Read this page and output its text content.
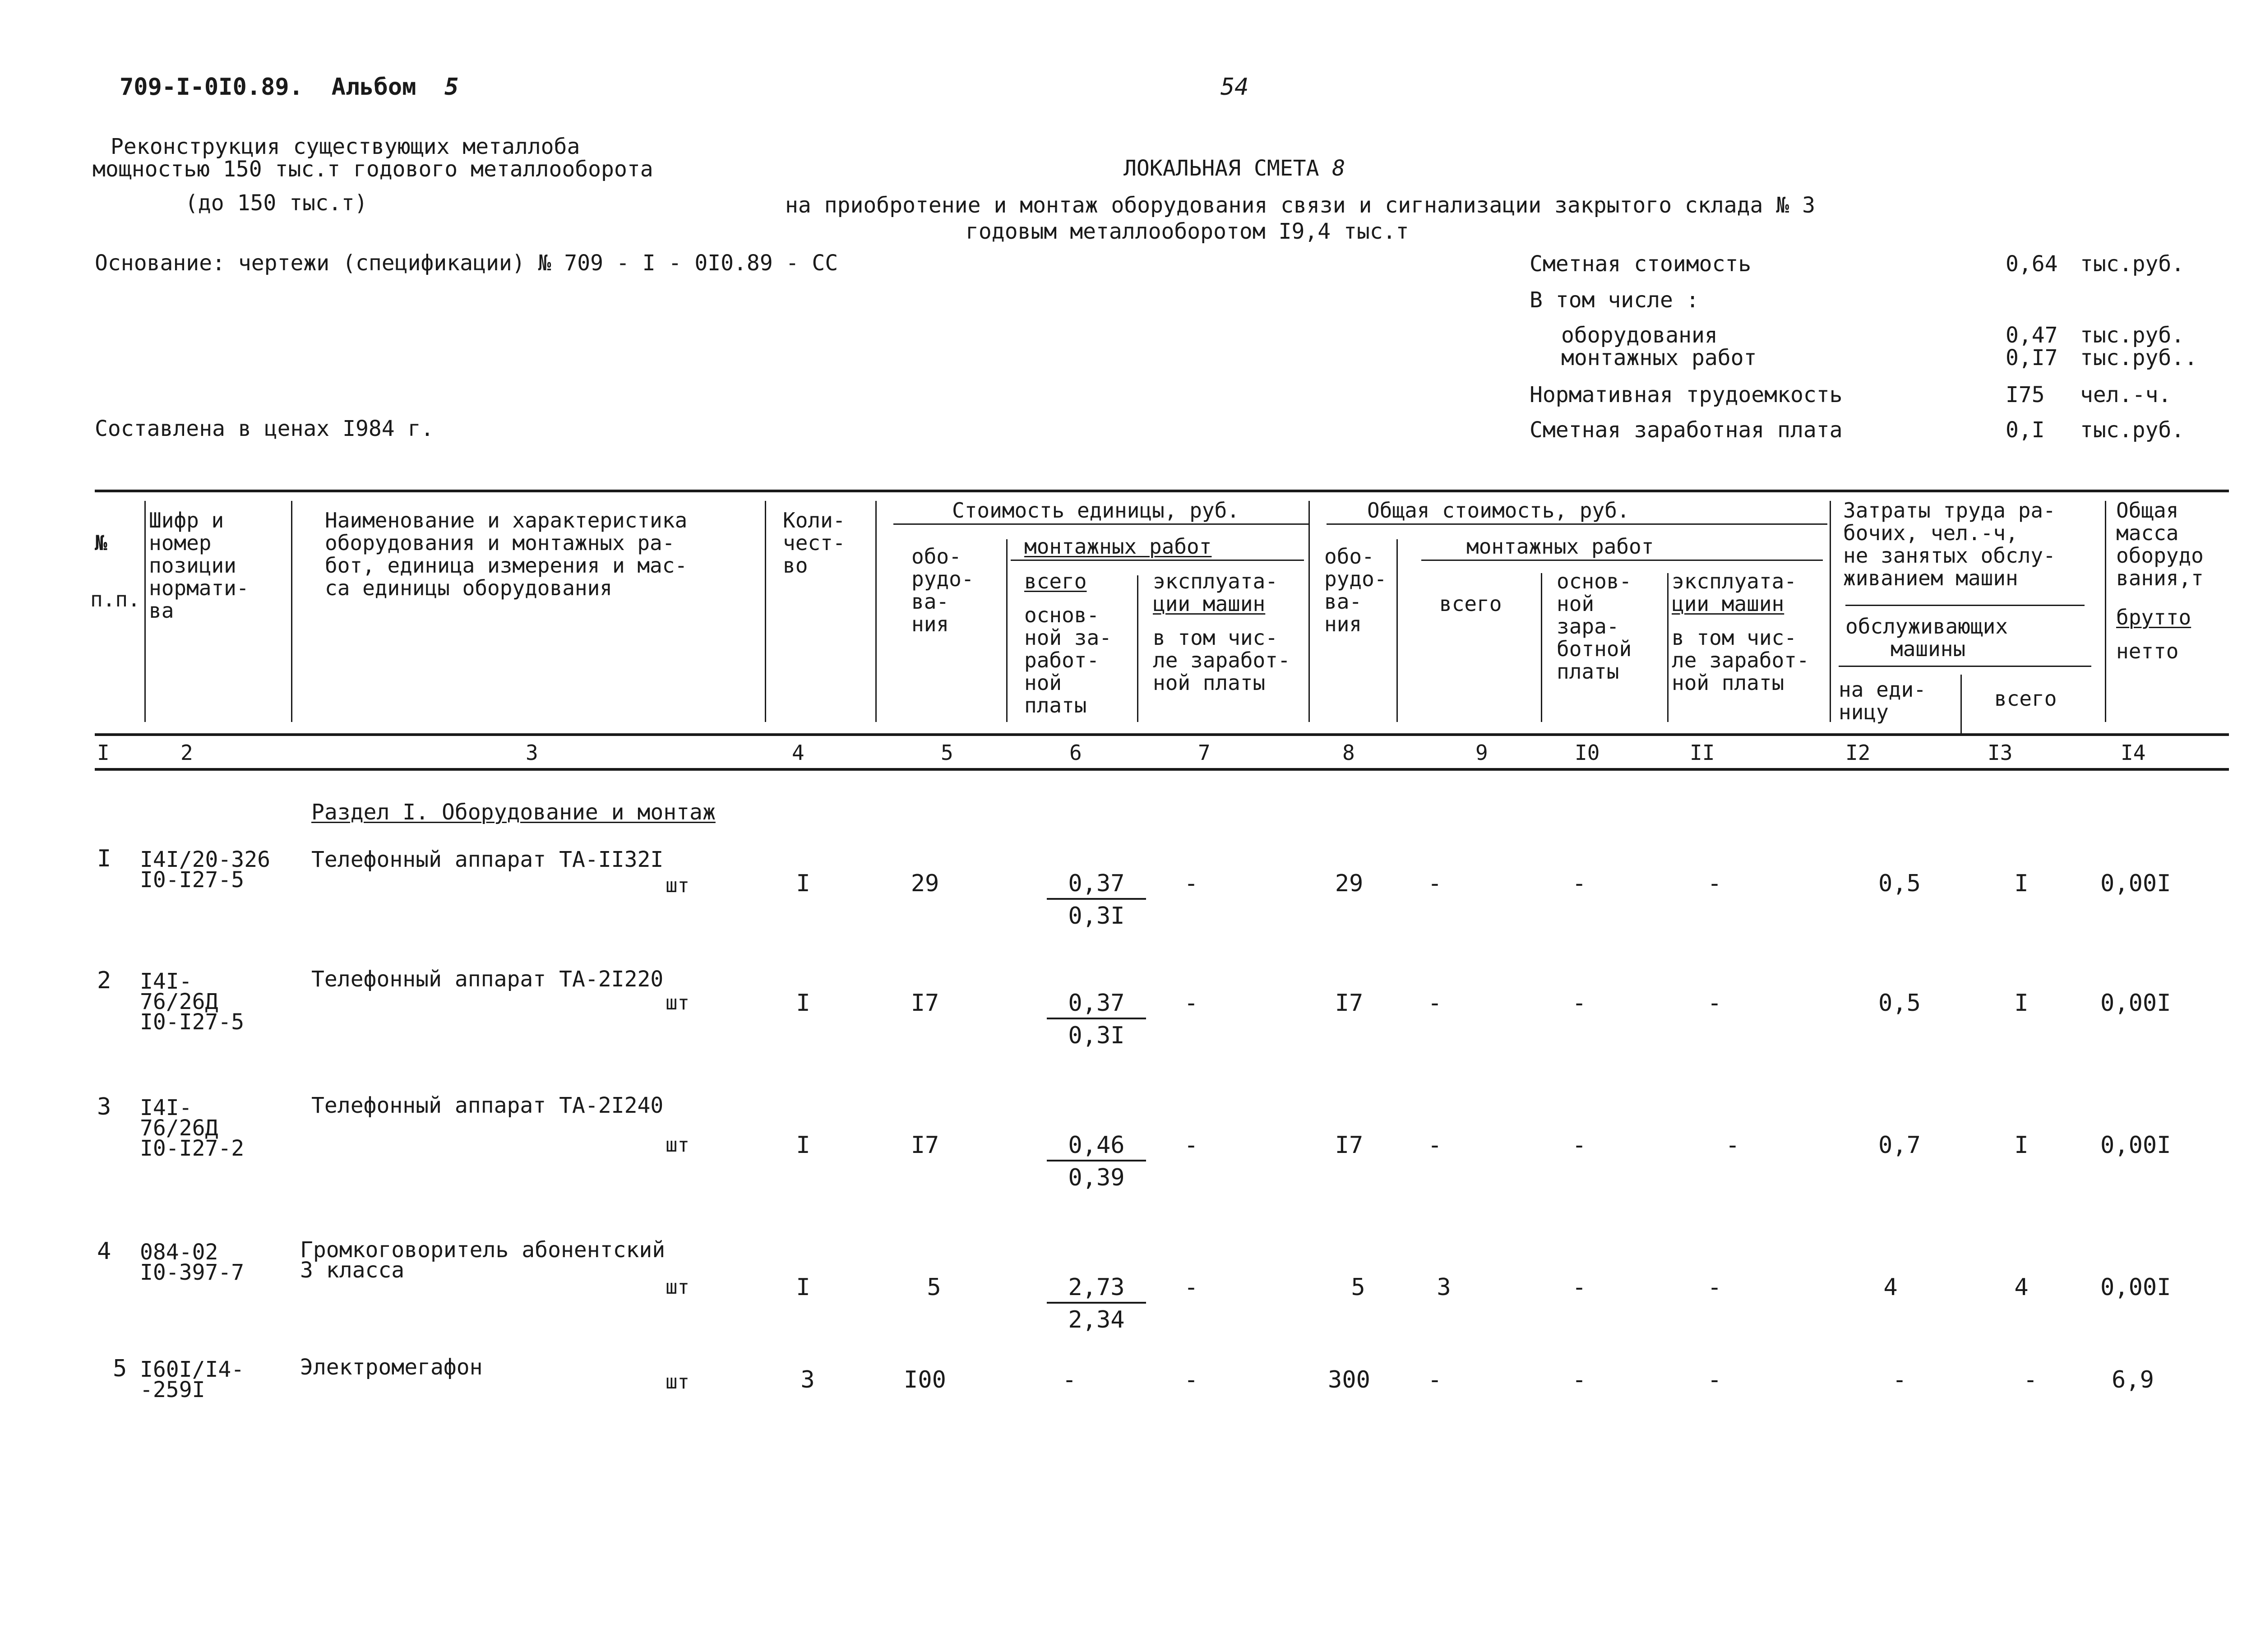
709-I-0I0.89. Альбом 5	54
Реконструкция существующих металлоба
мощностью 150 тыс.т годового металлооборота
(до 150 тыс.т)
ЛОКАЛЬНАЯ СМЕТА 8
на приобротение и монтаж оборудования связи и сигнализации закрытого склада № 3
годовым металлооборотом I9,4 тыс.т
Основание: чертежи (спецификации) № 709 - I - 0I0.89 - СС
Составлена в ценах I984 г.
Сметная стоимость	0,64 тыс.руб.
В том числе :
оборудования	0,47 тыс.руб.
монтажных работ	0,I7 тыс.руб..
Нормативная трудоемкость	I75 чел.-ч.
Сметная заработная плата	0,I тыс.руб.
№
п.п.
Шифр и
номер
позиции
нормати-
ва
Наименование и характеристика
оборудования и монтажных ра-
бот, единица измерения и мас-
са единицы оборудования
Коли-
чест-
во
Стоимость единицы, руб.
обо-
рудо-
ва-
ния
монтажных работ
всего
основ-
ной за-
работ-
ной
платы
эксплуата-
ции машин
в том чис-
ле заработ-
ной платы
Общая стоимость, руб.
обо-
рудо-
ва-
ния
монтажных работ
всего
основ-
ной
зара-
ботной
платы
эксплуата-
ции машин
в том чис-
ле заработ-
ной платы
Затраты труда ра-
бочих, чел.-ч,
не занятых обслу-
живанием машин
обслуживающих
машины
на еди-
ницу
всего
Общая
масса
оборудо
вания,т
брутто
нетто
I	2	3	4	5	6	7	8	9	I0	II	I2	I3	I4
Раздел I. Оборудование и монтаж
I I4I/20-326
I0-I27-5
Телефонный аппарат ТА-II32I
шт	I	29	$\frac{0,37}{0,3I}$	-	29	-	-	-	0,5	I	0,00I
2 I4I-
76/26Д
I0-I27-5
Телефонный аппарат ТА-2I220
шт	I	I7	$\frac{0,37}{0,3I}$	-	I7	-	-	-	0,5	I	0,00I
3 I4I-
76/26Д
I0-I27-2
Телефонный аппарат ТА-2I240
шт	I	I7	$\frac{0,46}{0,39}$	-	I7	-	-	-	0,7	I	0,00I
4 084-02
I0-397-7
Громкоговоритель абонентский
3 класса
шт	I	5	$\frac{2,73}{2,34}$	-	5	3	-	-	4	4	0,00I
5 I60I/I4-
-259I
Электромегафон
шт	3	I00	-	-	300	-	-	-	-	-	6,9
